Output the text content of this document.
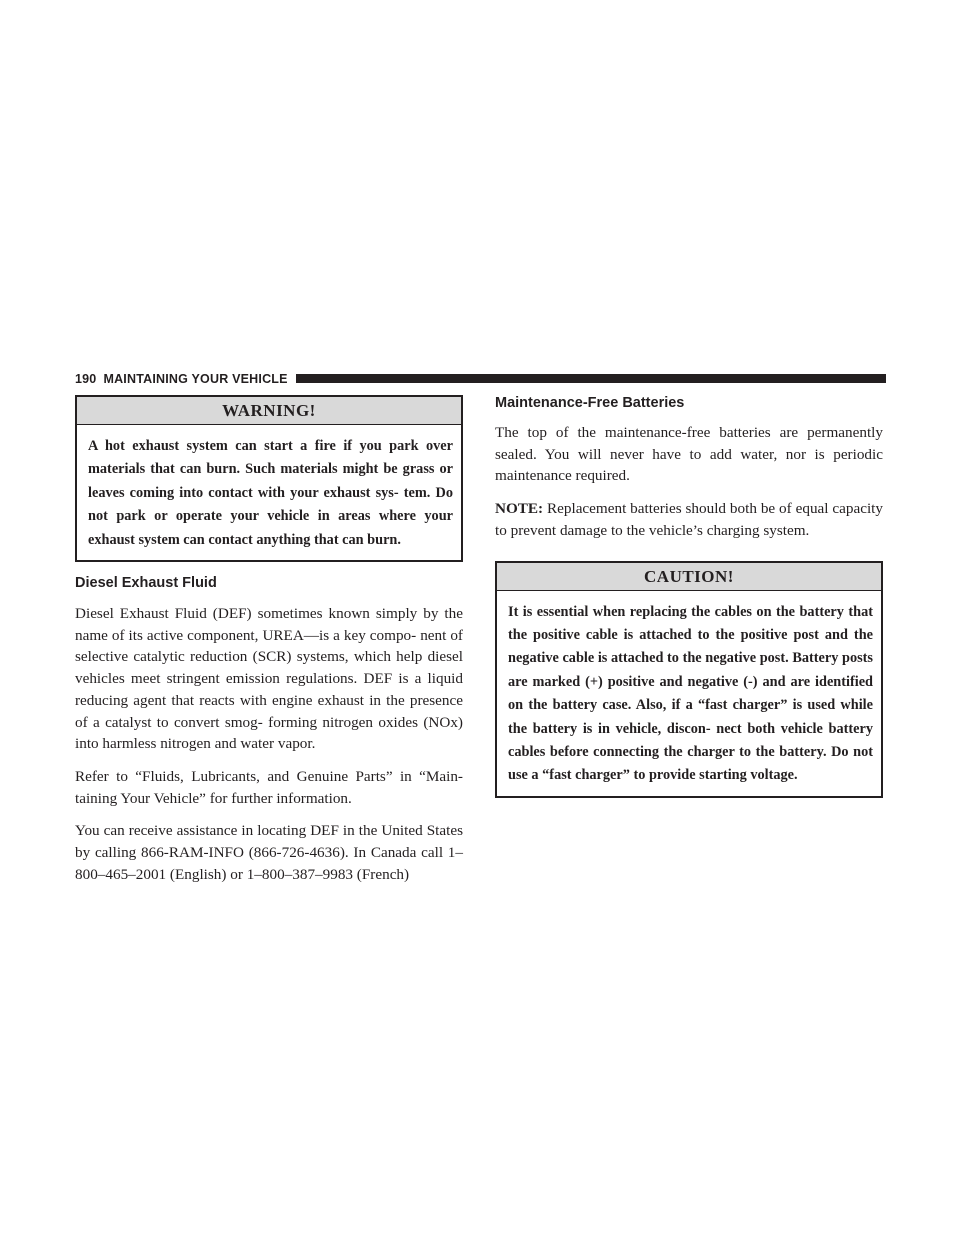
190 MAINTAINING YOUR VEHICLE
WARNING!
A hot exhaust system can start a fire if you park over materials that can burn. Such materials might be grass or leaves coming into contact with your exhaust sys- tem. Do not park or operate your vehicle in areas where your exhaust system can contact anything that can burn.
Diesel Exhaust Fluid

Diesel Exhaust Fluid (DEF) sometimes known simply by the name of its active component, UREA—is a key compo- nent of selective catalytic reduction (SCR) systems, which help diesel vehicles meet stringent emission regulations. DEF is a liquid reducing agent that reacts with engine exhaust in the presence of a catalyst to convert smog- forming nitrogen oxides (NOx) into harmless nitrogen and water vapor.

Refer to “Fluids, Lubricants, and Genuine Parts” in “Main- taining Your Vehicle” for further information.

You can receive assistance in locating DEF in the United States by calling 866-RAM-INFO (866-726-4636). In Canada call 1–800–465–2001 (English) or 1–800–387–9983 (French)

Maintenance-Free Batteries

The top of the maintenance-free batteries are permanently sealed. You will never have to add water, nor is periodic maintenance required.

NOTE: Replacement batteries should both be of equal capacity to prevent damage to the vehicle’s charging system.

CAUTION!
It is essential when replacing the cables on the battery that the positive cable is attached to the positive post and the negative cable is attached to the negative post. Battery posts are marked (+) positive and negative (-) and are identified on the battery case. Also, if a “fast charger” is used while the battery is in vehicle, discon- nect both vehicle battery cables before connecting the charger to the battery. Do not use a “fast charger” to provide starting voltage.
